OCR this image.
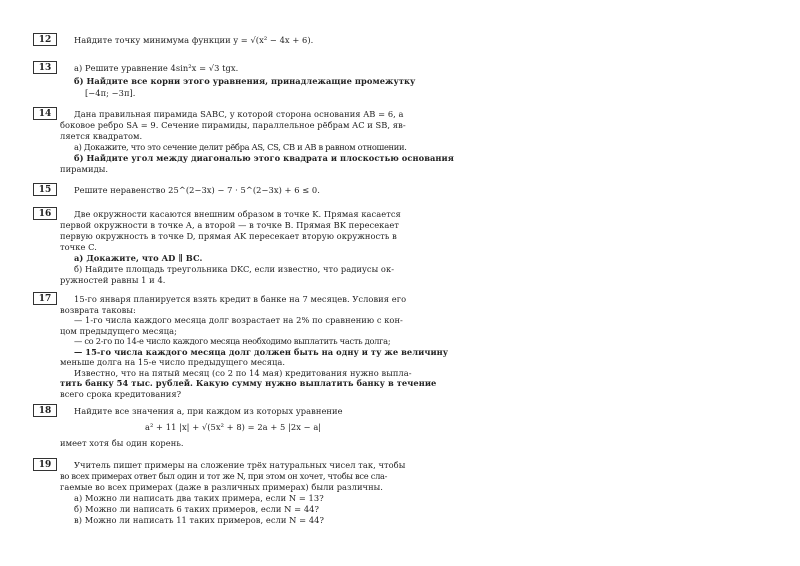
12	Найдите точку минимума функции y = √(x² − 4x + 6).
13	а) Решите уравнение 4sin²x = √3 tgx.
б) Найдите все корни этого уравнения, принадлежащие промежутку
[−4π; −3π].
14	Дана правильная пирамида SABC, у которой сторона основания AB = 6, а
боковое ребро SA = 9. Сечение пирамиды, параллельное рёбрам AC и SB, яв-
ляется квадратом.
а) Докажите, что это сечение делит рёбра AS, CS, CB и AB в равном отношении.
б) Найдите угол между диагональю этого квадрата и плоскостью основания
пирамиды.
15	Решите неравенство 25^(2−3x) − 7 · 5^(2−3x) + 6 ≤ 0.
16	Две окружности касаются внешним образом в точке K. Прямая касается
первой окружности в точке A, а второй — в точке B. Прямая BK пересекает
первую окружность в точке D, прямая AK пересекает вторую окружность в
точке C.
а) Докажите, что AD ∥ BC.
б) Найдите площадь треугольника DKC, если известно, что радиусы ок-
ружностей равны 1 и 4.
17	15-го января планируется взять кредит в банке на 7 месяцев. Условия его
возврата таковы:
— 1-го числа каждого месяца долг возрастает на 2% по сравнению с кон-
цом предыдущего месяца;
— со 2-го по 14-е число каждого месяца необходимо выплатить часть долга;
— 15-го числа каждого месяца долг должен быть на одну и ту же величину
меньше долга на 15-е число предыдущего месяца.
Известно, что на пятый месяц (со 2 по 14 мая) кредитования нужно выпла-
тить банку 54 тыс. рублей. Какую сумму нужно выплатить банку в течение
всего срока кредитования?
18	Найдите все значения a, при каждом из которых уравнение
a² + 11 |x| + √(5x² + 8) = 2a + 5 |2x − a|
имеет хотя бы один корень.
19	Учитель пишет примеры на сложение трёх натуральных чисел так, чтобы
во всех примерах ответ был один и тот же N, при этом он хочет, чтобы все сла-
гаемые во всех примерах (даже в различных примерах) были различны.
а) Можно ли написать два таких примера, если N = 13?
б) Можно ли написать 6 таких примеров, если N = 44?
в) Можно ли написать 11 таких примеров, если N = 44?
